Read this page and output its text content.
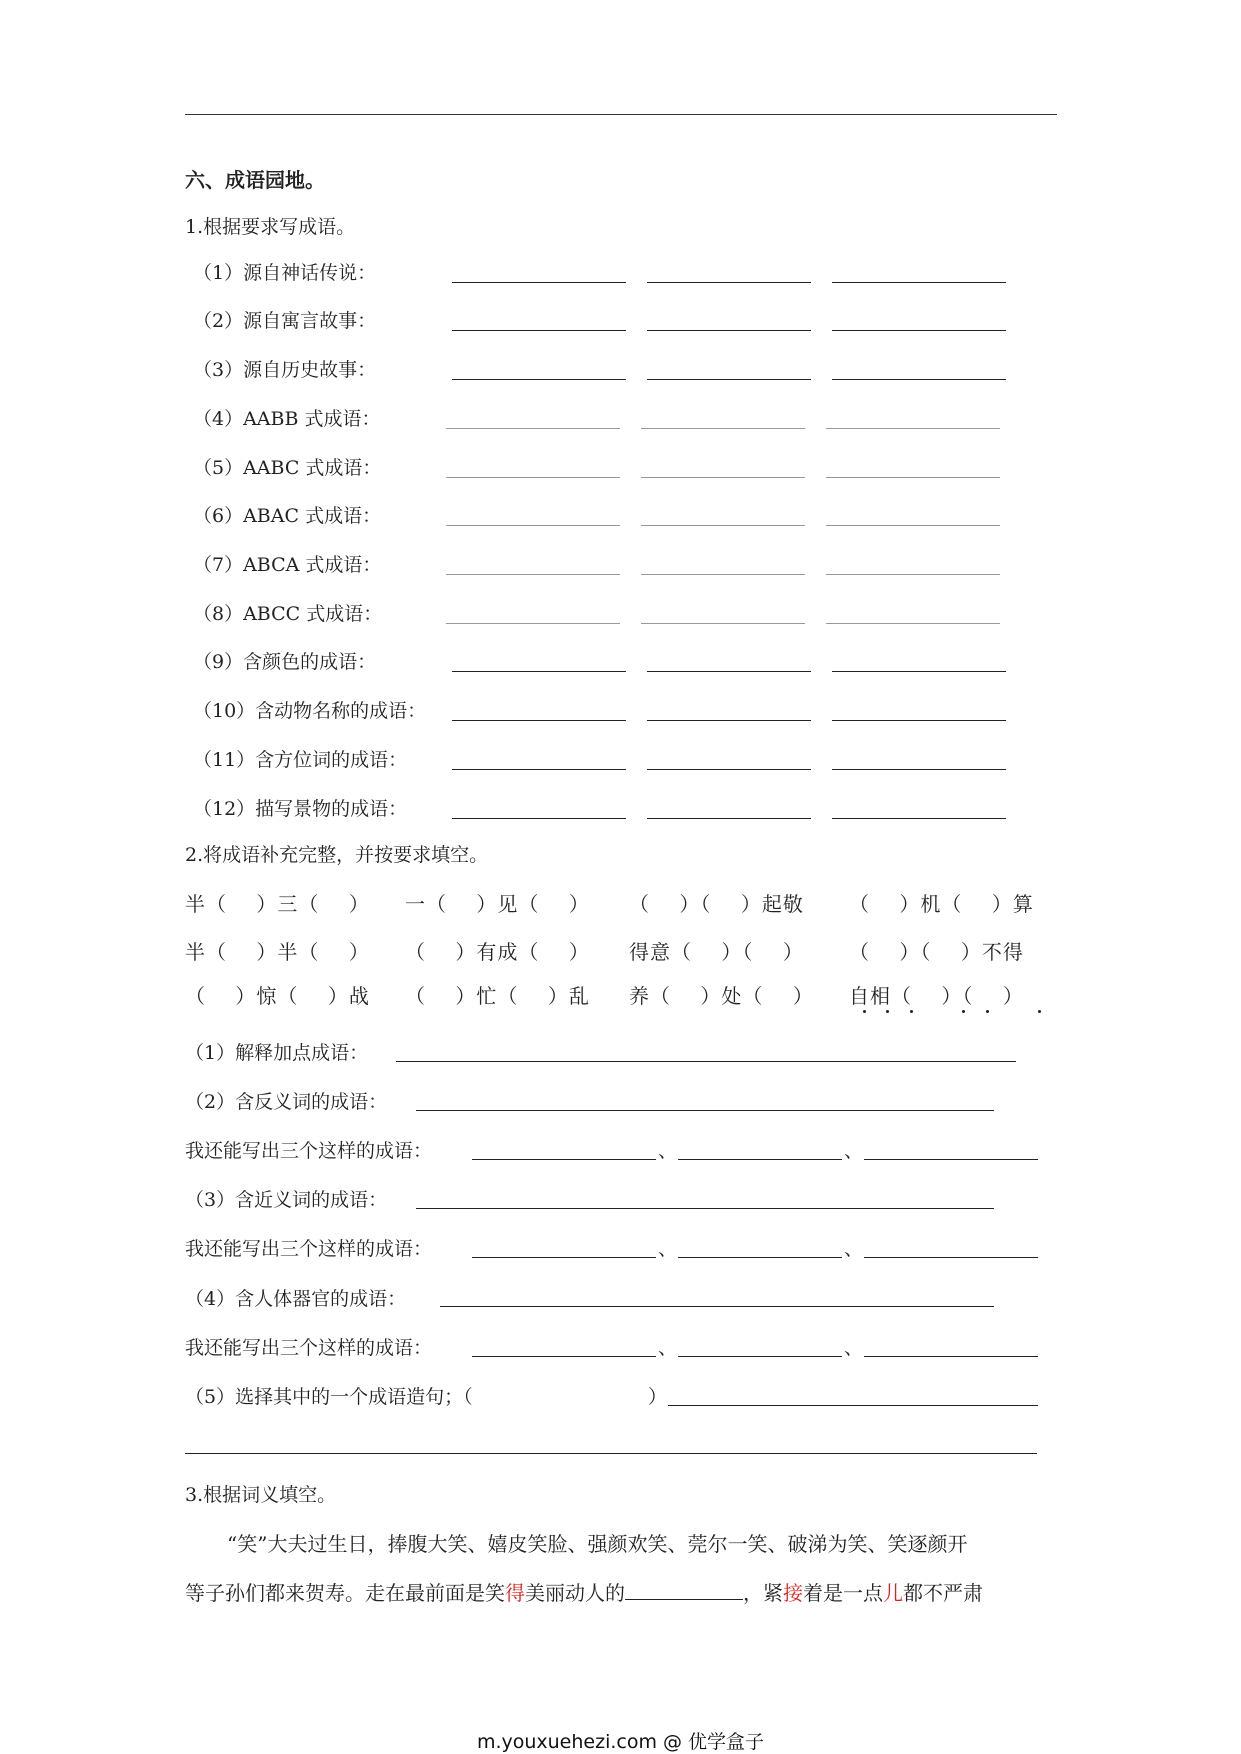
六、成语园地。
1.根据要求写成语。
（1）源自神话传说：
（2）源自寓言故事：
（3）源自历史故事：
（4）AABB 式成语：
（5）AABC 式成语：
（6）ABAC 式成语：
（7）ABCA 式成语：
（8）ABCC 式成语：
（9）含颜色的成语：
（10）含动物名称的成语：
（11）含方位词的成语：
（12）描写景物的成语：
2.将成语补充完整，并按要求填空。
半（    ）三（    ） 一（    ）见（    ） （    ）（    ）起敬 （    ）机（    ）算
半（    ）半（    ） （    ）有成（    ） 得意（    ）（    ） （    ）（    ）不得
（    ）惊（    ）战 （    ）忙（    ）乱 养（    ）处（    ） 自相（    ）（    ）
（1）解释加点成语：
（2）含反义词的成语：
我还能写出三个这样的成语：	、	、
（3）含近义词的成语：
我还能写出三个这样的成语：	、	、
（4）含人体器官的成语：
我还能写出三个这样的成语：	、	、
（5）选择其中的一个成语造句；（	）
3.根据词义填空。
“笑”大夫过生日，捧腹大笑、嬉皮笑脸、强颜欢笑、莞尔一笑、破涕为笑、笑逐颜开
等子孙们都来贺寿。走在最前面是笑得美丽动人的	，紧接着是一点儿都不严肃
m.youxuehezi.com @ 优学盒子
